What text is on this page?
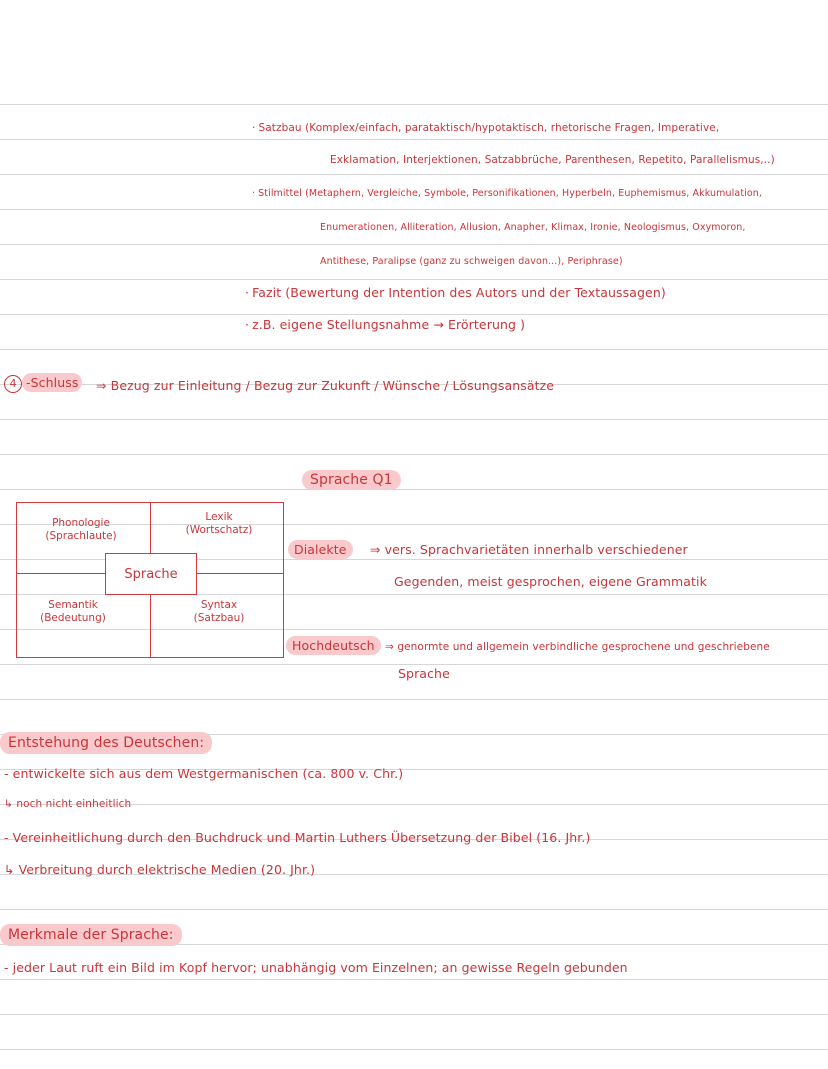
· Satzbau (Komplex/einfach, parataktisch/hypotaktisch, rhetorische Fragen, Imperative,
Exklamation, Interjektionen, Satzabbrüche, Parenthesen, Repetito, Parallelismus,..)
· Stilmittel (Metaphern, Vergleiche, Symbole, Personifikationen, Hyperbeln, Euphemismus, Akkumulation,
Enumerationen, Alliteration, Allusion, Anapher, Klimax, Ironie, Neologismus, Oxymoron,
Antithese, Paralipse (ganz zu schweigen davon...), Periphrase)
· Fazit (Bewertung der Intention des Autors und der Textaussagen)
· z.B. eigene Stellungsnahme → Erörterung )
4 -Schluss	⇒ Bezug zur Einleitung / Bezug zur Zukunft / Wünsche / Lösungsansätze
Sprache Q1
Phonologie
(Sprachlaute)
Lexik
(Wortschatz)
Semantik
(Bedeutung)
Syntax
(Satzbau)
Sprache
Dialekte	⇒ vers. Sprachvarietäten innerhalb verschiedener
Gegenden, meist gesprochen, eigene Grammatik
Hochdeutsch ⇒ genormte und allgemein verbindliche gesprochene und geschriebene
Sprache
Entstehung des Deutschen:
- entwickelte sich aus dem Westgermanischen (ca. 800 v. Chr.)
↳ noch nicht einheitlich
- Vereinheitlichung durch den Buchdruck und Martin Luthers Übersetzung der Bibel (16. Jhr.)
↳ Verbreitung durch elektrische Medien (20. Jhr.)
Merkmale der Sprache:
- jeder Laut ruft ein Bild im Kopf hervor; unabhängig vom Einzelnen; an gewisse Regeln gebunden
